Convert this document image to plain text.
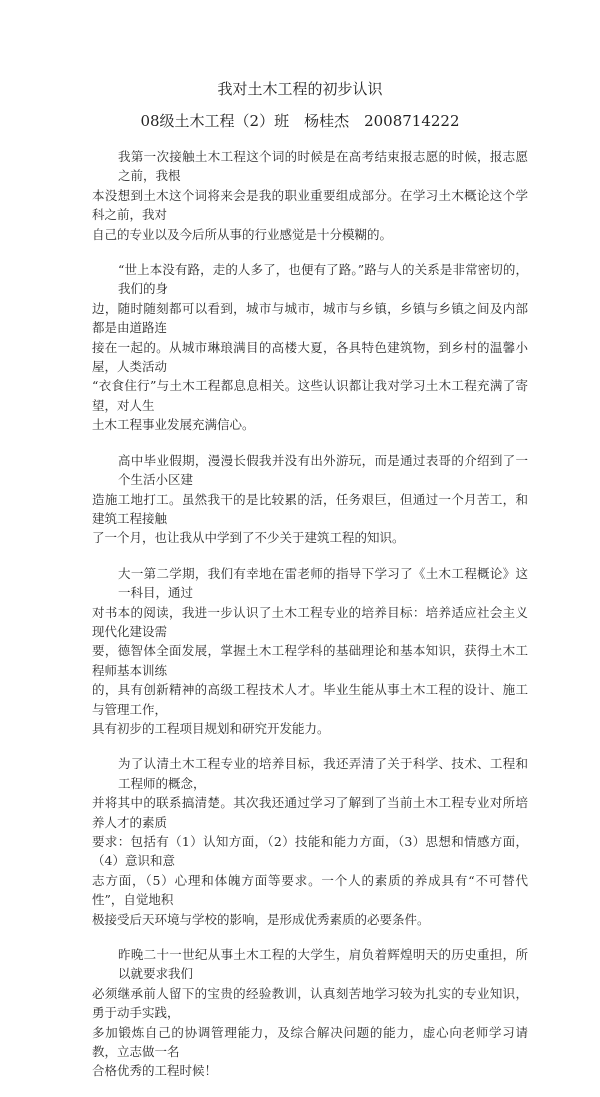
我对土木工程的初步认识
08级土木工程（2）班　杨桂杰　2008714222
我第一次接触土木工程这个词的时候是在高考结束报志愿的时候，报志愿之前，我根
本没想到土木这个词将来会是我的职业重要组成部分。在学习土木概论这个学科之前，我对
自己的专业以及今后所从事的行业感觉是十分模糊的。
“世上本没有路，走的人多了，也便有了路。”路与人的关系是非常密切的，我们的身
边，随时随刻都可以看到，城市与城市，城市与乡镇，乡镇与乡镇之间及内部都是由道路连
接在一起的。从城市琳琅满目的高楼大夏，各具特色建筑物，到乡村的温馨小屋，人类活动
“衣食住行”与土木工程都息息相关。这些认识都让我对学习土木工程充满了寄望，对人生
土木工程事业发展充满信心。
高中毕业假期，漫漫长假我并没有出外游玩，而是通过表哥的介绍到了一个生活小区建
造施工地打工。虽然我干的是比较累的活，任务艰巨，但通过一个月苦工，和建筑工程接触
了一个月，也让我从中学到了不少关于建筑工程的知识。
大一第二学期，我们有幸地在雷老师的指导下学习了《土木工程概论》这一科目，通过
对书本的阅读，我进一步认识了土木工程专业的培养目标：培养适应社会主义现代化建设需
要，德智体全面发展，掌握土木工程学科的基础理论和基本知识，获得土木工程师基本训练
的，具有创新精神的高级工程技术人才。毕业生能从事土木工程的设计、施工与管理工作，
具有初步的工程项目规划和研究开发能力。
为了认清土木工程专业的培养目标，我还弄清了关于科学、技术、工程和工程师的概念，
并将其中的联系搞清楚。其次我还通过学习了解到了当前土木工程专业对所培养人才的素质
要求：包括有（1）认知方面，（2）技能和能力方面，（3）思想和情感方面，（4）意识和意
志方面，（5）心理和体魄方面等要求。一个人的素质的养成具有“不可替代性”，自觉地积
极接受后天环境与学校的影响，是形成优秀素质的必要条件。
昨晚二十一世纪从事土木工程的大学生，肩负着辉煌明天的历史重担，所以就要求我们
必须继承前人留下的宝贵的经验教训，认真刻苦地学习较为扎实的专业知识，勇于动手实践，
多加锻炼自己的协调管理能力，及综合解决问题的能力，虚心向老师学习请教，立志做一名
合格优秀的工程时候！
